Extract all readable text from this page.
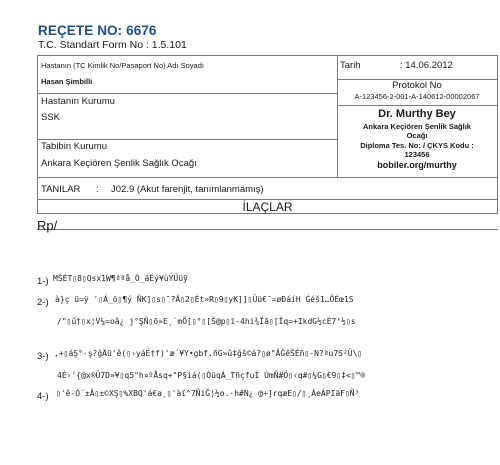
REÇETE NO: 6676
T.C. Standart Form No : 1.5.101
Hastanın (TC Kimlik No/Pasaport No) Adı Soyadı
Hasan Şimbilli
Tarih	: 14.06.2012
Protokol No
A-123456-2-001-A-140612-00002067
Hastanın Kurumu
SSK	Dr. Murthy Bey
Ankara Keçiören Şenlik Sağlık
Ocağı
Diploma Tes. No: / ÇKYS Kodu :
123456
bobiler.org/murthy
Tabibin Kurumu
Ankara Keçiören Şenlik Sağlık Ocağı
TANILAR : J02.9 (Akut farenjit, tanımlanmamış)
İLAÇLAR
Rp/
1-) MŠÉT▯8▯Qsx1W¶ªªå_Ó_äÉý¥ùÝÜüÿ
2-) à}ç ü=ÿ '▯Á_ö▯¶ý ÑK]▯s▯˜?Ä▯2▯Ét»R▯9▯yK]]▯Üü€¯=øÐáíH Ǵéš1…ÕÉœ1S
/"▯û†▯x¦V¼=oâ¿ j°ŞÑ▯õ»E¸¨mÕ[▯°▯[Š@p▯ï-4hi¾Ïã▯[Ïq=+IkdG½cÉ7‘½▯s
3-) ,+▯áŞ°·ş?ğÄü'ê(▯›yáÉ†f)'æ¨¥Y•gbf.ñG»û‡ğš©á?▯ø"ÄĞêŠÉñ▯-N?ªu7S²Ü\▯
4É›'{@x®Ü7D»¥▯q5"h¤ºÅsq+"P§iá(▯ÒüqÁ_TñçfuÍ ÚmÑ#Ö▯‹q#▯¼G▯€9▯‡<▯™®
4-) ▯'ê-Ó´±Â▯±©XŞ▯%XBQ'á€a¸▯'àï^7ÑiĞ¦½o.·h#N¿ @÷]rqæE▯/▯¸ÁeÁPIäF▯Ñ³
